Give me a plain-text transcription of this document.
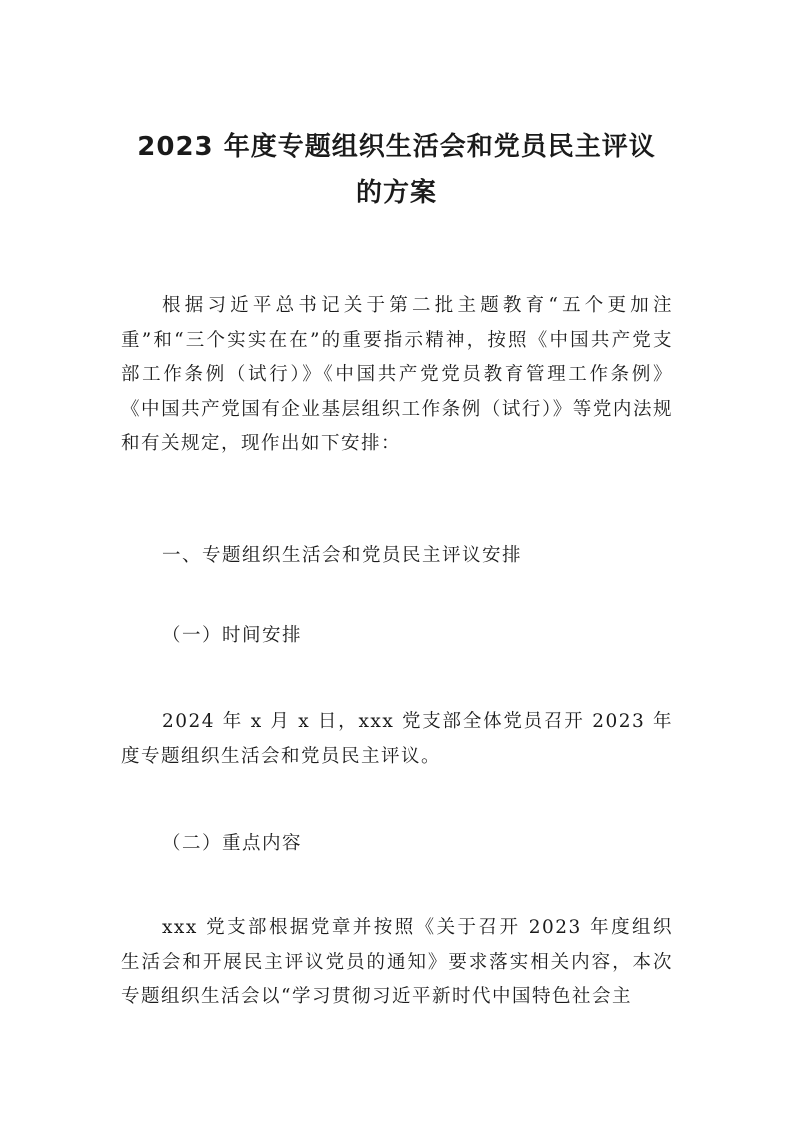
2023 年度专题组织生活会和党员民主评议
的方案

根据习近平总书记关于第二批主题教育“五个更加注重”和“三个实实在在”的重要指示精神，按照《中国共产党支部工作条例（试行）》《中国共产党党员教育管理工作条例》《中国共产党国有企业基层组织工作条例（试行）》等党内法规和有关规定，现作出如下安排：

一、专题组织生活会和党员民主评议安排

（一）时间安排

2024 年 x 月 x 日，xxx 党支部全体党员召开 2023 年度专题组织生活会和党员民主评议。

（二）重点内容

xxx 党支部根据党章并按照《关于召开 2023 年度组织生活会和开展民主评议党员的通知》要求落实相关内容，本次专题组织生活会以“学习贯彻习近平新时代中国特色社会主
